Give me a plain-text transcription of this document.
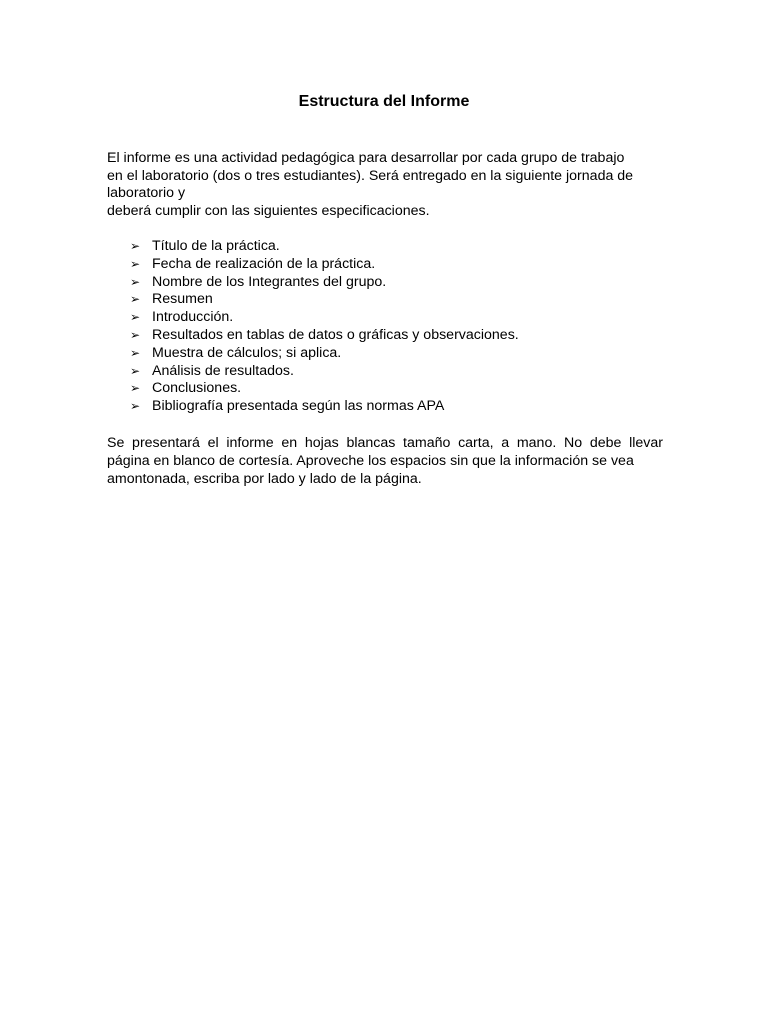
Estructura del Informe
El informe es una actividad pedagógica para desarrollar por cada grupo de trabajo
en el laboratorio (dos o tres estudiantes). Será entregado en la siguiente jornada de
laboratorio y
deberá cumplir con las siguientes especificaciones.
➢ Título de la práctica.
➢ Fecha de realización de la práctica.
➢ Nombre de los Integrantes del grupo.
➢ Resumen
➢ Introducción.
➢ Resultados en tablas de datos o gráficas y observaciones.
➢ Muestra de cálculos; si aplica.
➢ Análisis de resultados.
➢ Conclusiones.
➢ Bibliografía presentada según las normas APA
Se presentará el informe en hojas blancas tamaño carta, a mano. No debe llevar
página en blanco de cortesía. Aproveche los espacios sin que la información se vea
amontonada, escriba por lado y lado de la página.
